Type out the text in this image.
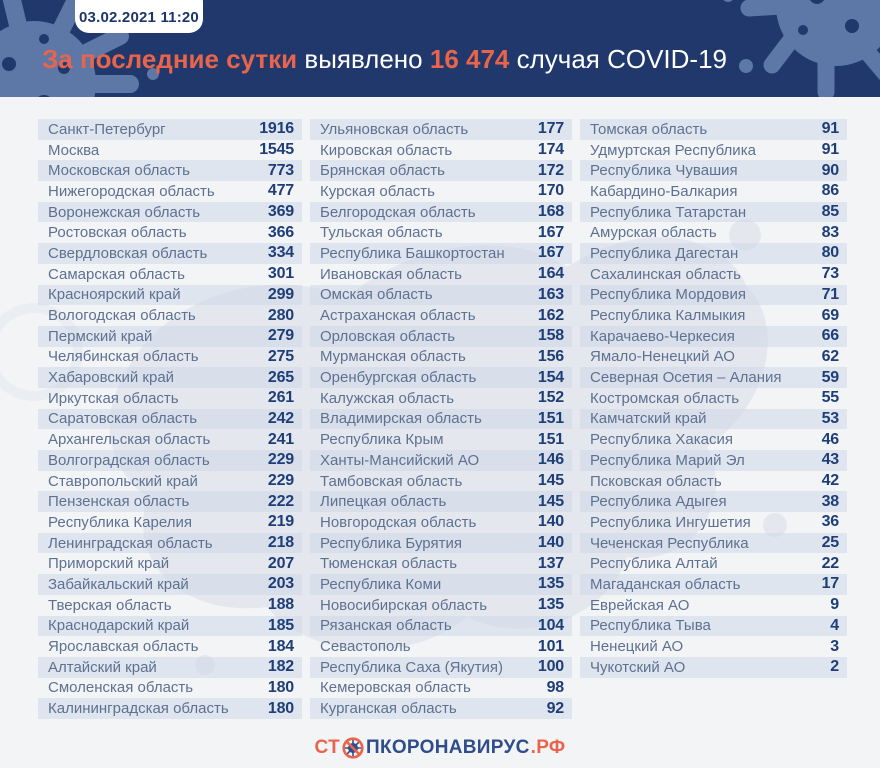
03.02.2021 11:20
За последние сутки выявлено 16 474 случая COVID-19
Санкт-Петербург	1916
Москва	1545
Московская область	773
Нижегородская область	477
Воронежская область	369
Ростовская область	366
Свердловская область	334
Самарская область	301
Красноярский край	299
Вологодская область	280
Пермский край	279
Челябинская область	275
Хабаровский край	265
Иркутская область	261
Саратовская область	242
Архангельская область	241
Волгоградская область	229
Ставропольский край	229
Пензенская область	222
Республика Карелия	219
Ленинградская область	218
Приморский край	207
Забайкальский край	203
Тверская область	188
Краснодарский край	185
Ярославская область	184
Алтайский край	182
Смоленская область	180
Калининградская область 180
Ульяновская область	177
Кировская область	174
Брянская область	172
Курская область	170
Белгородская область	168
Тульская область	167
Республика Башкортостан 167
Ивановская область	164
Омская область	163
Астраханская область	162
Орловская область	158
Мурманская область	156
Оренбургская область	154
Калужская область	152
Владимирская область	151
Республика Крым	151
Ханты-Мансийский АО	146
Тамбовская область	145
Липецкая область	145
Новгородская область	140
Республика Бурятия	140
Тюменская область	137
Республика Коми	135
Новосибирская область	135
Рязанская область	104
Севастополь	101
Республика Саха (Якутия) 100
Кемеровская область	98
Курганская область	92
Томская область	91
Удмуртская Республика	91
Республика Чувашия	90
Кабардино-Балкария	86
Республика Татарстан	85
Амурская область	83
Республика Дагестан	80
Сахалинская область	73
Республика Мордовия	71
Республика Калмыкия	69
Карачаево-Черкесия	66
Ямало-Ненецкий АО	62
Северная Осетия – Алания	59
Костромская область	55
Камчатский край	53
Республика Хакасия	46
Республика Марий Эл	43
Псковская область	42
Республика Адыгея	38
Республика Ингушетия	36
Чеченская Республика	25
Республика Алтай	22
Магаданская область	17
Еврейская АО	9
Республика Тыва	4
Ненецкий АО	3
Чукотский АО	2
СТ ПКОРОНАВИРУС .РФ
